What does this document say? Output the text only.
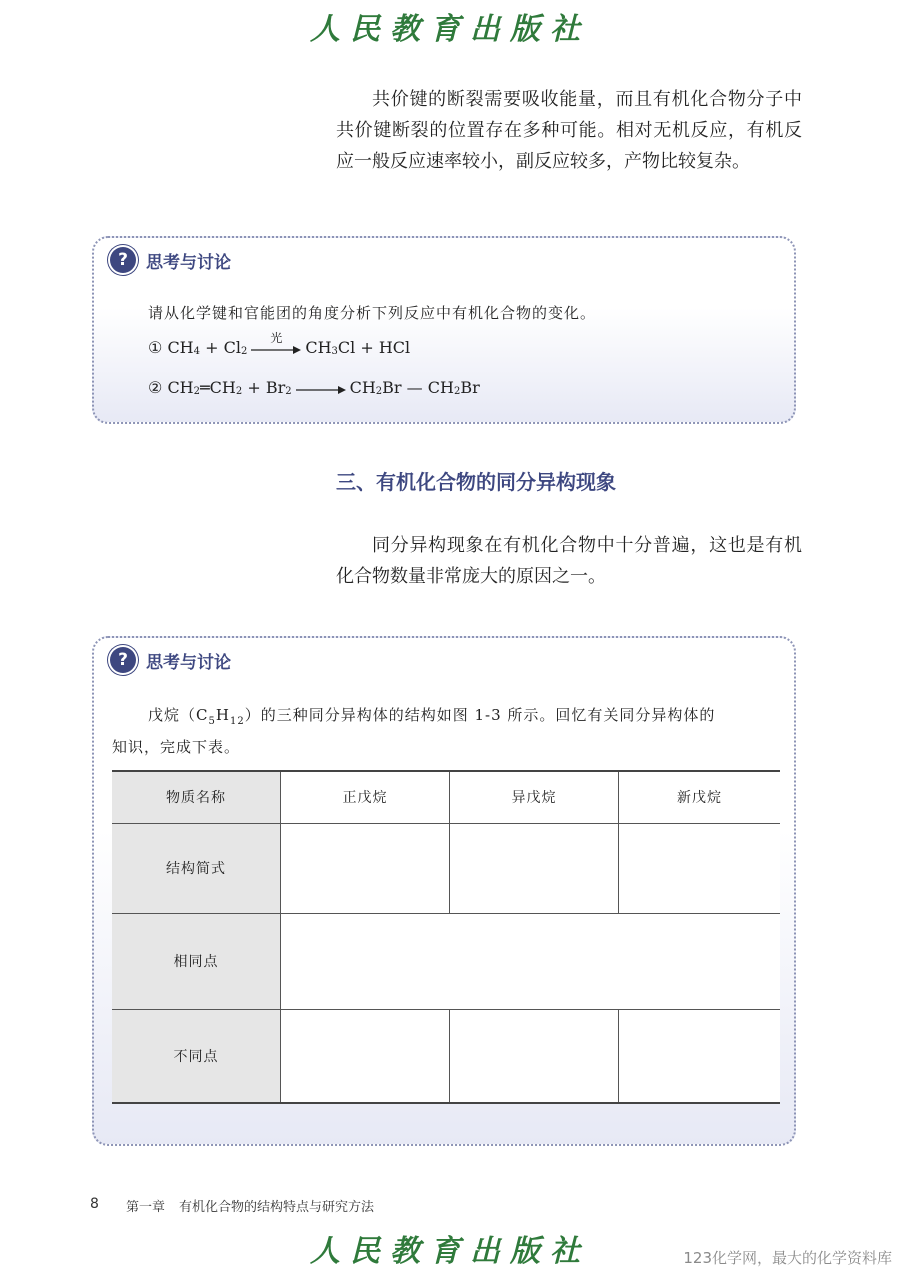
人民教育出版社

共价键的断裂需要吸收能量，而且有机化合物分子中共价键断裂的位置存在多种可能。相对无机反应，有机反应一般反应速率较小，副反应较多，产物比较复杂。

?	思考与讨论
请从化学键和官能团的角度分析下列反应中有机化合物的变化。
①
$CH_4 + Cl_2$
光	$CH_3$ Cl + HCl
②
$CH_2$ ═ $CH_2 + Br_2 \to CH_2$ Br — $CH_2$ Br
三、有机化合物的同分异构现象

同分异构现象在有机化合物中十分普遍，这也是有机化合物数量非常庞大的原因之一。

?	思考与讨论
戊烷$(C_5H_{12})$的三种同分异构体的结构如图 1-3 所示。回忆有关同分异构体的
知识，完成下表。
物质名称	正戊烷	异戊烷	新戊烷
结构简式			
相同点			
不同点			
8 第一章 有机化合物的结构特点与研究方法
人民教育出版社	123化学网，最大的化学资料库
